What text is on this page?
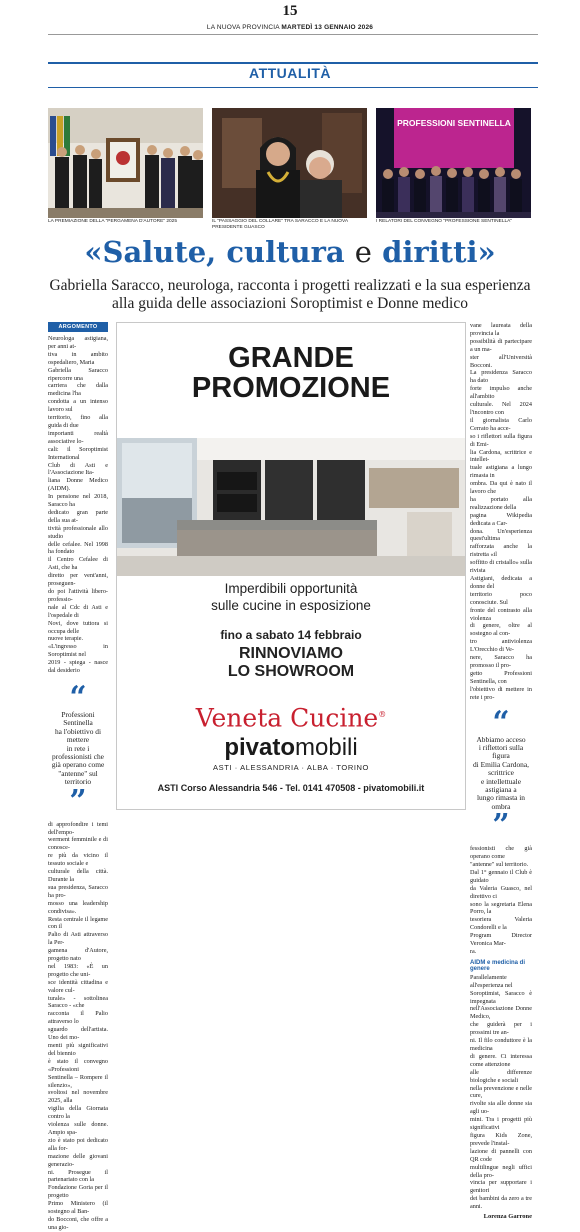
15
LA NUOVA PROVINCIA MARTEDÌ 13 GENNAIO 2026
ATTUALITÀ
LA PREMIAZIONE DELLA "PERGAMENA D'AUTORE" 2025	IL "PASSAGGIO DEL COLLARE" TRA SARACCO E LA NUOVA PRESIDENTE GUASCO
PROFESSIONI SENTINELLA
I RELATORI DEL CONVEGNO "PROFESSIONE SENTINELLA"
«Salute, cultura e diritti»
Gabriella Saracco, neurologa, racconta i progetti realizzati e la sua esperienza
alla guida delle associazioni Soroptimist e Donne medico
ARGOMENTO
Neurologa astigiana, per anni at-
tiva in ambito ospedaliero, Maria
Gabriella Saracco ripercorre una
carriera che dalla medicina l'ha
condotta a un intenso lavoro sul
territorio, fino alla guida di due
importanti realtà associative lo-
cali: il Soroptimist International
Club di Asti e l'Associazione Ita-
liana Donne Medico (AIDM).
In pensione nel 2018, Saracco ha
dedicato gran parte della sua at-
tività professionale allo studio
delle cefalee. Nel 1998 ha fondato
il Centro Cefalee di Asti, che ha
diretto per vent'anni, proseguen-
do poi l'attività libero-professio-
nale al Cdc di Asti e l'ospedale di
Novi, dove tuttora si occupa delle
nuove terapie.
«L'ingresso in Soroptimist nel
2019 - spiega - nasce dal desiderio
“
Professioni Sentinella
ha l'obiettivo di mettere
in rete i professionisti che
già operano come
"antenne" sul territorio
”
di approfondire i temi dell'empo-
werment femminile e di conosce-
re più da vicino il tessuto sociale e
culturale della città. Durante la
sua presidenza, Saracco ha pro-
mosso una leadership condivisa».
Resta centrale il legame con il
Palio di Asti attraverso la Per-
gamena d'Autore, progetto nato
nel 1983: «È un progetto che uni-
sce identità cittadina e valore cul-
turale» - sottolinea Saracco - «che
racconta il Palio attraverso lo
sguardo dell'artista. Uno dei mo-
menti più significativi del biennio
è stato il convegno «Professioni
Sentinella – Rompere il silenzio»,
svoltosi nel novembre 2025, alla
vigilia della Giornata contro la
violenza sulle donne. Ampio spa-
zio è stato poi dedicato alla for-
mazione delle giovani generazio-
ni. Prosegue il partenariato con la
Fondazione Goria per il progetto
Primo Ministero (il sostegno al Ban-
do Bocconi, che offre a una gio-
GRANDE
PROMOZIONE
Imperdibili opportunità
sulle cucine in esposizione
fino a sabato 14 febbraio
RINNOVIAMO
LO SHOWROOM
Veneta Cucine®
pivatomobili
ASTI · ALESSANDRIA · ALBA · TORINO
ASTI Corso Alessandria 546 - Tel. 0141 470508 - pivatomobili.it
vane laureata della provincia la
possibilità di partecipare a un ma-
ster all'Università Bocconi.
La presidenza Saracco ha dato
forte impulso anche all'ambito
culturale. Nel 2024 l'incontro con
il giornalista Carlo Cerrato ha acce-
so i riflettori sulla figura di Emi-
lia Cardona, scrittrice e intellet-
tuale astigiana a lungo rimasta in
ombra. Da qui è nato il lavoro che
ha portato alla realizzazione della
pagina Wikipedia dedicata a Car-
dona. Un'esperienza quest'ultima
rafforzata anche la ristretta «il
soffitto di cristallo» sulla rivista
Astigiani, dedicata a donne del
territorio poco conosciute. Sul
fronte del contrasto alla violenza
di genere, oltre al sostegno al con-
tro antiviolenza L'Orecchio di Ve-
nere, Saracco ha promosso il pro-
getto Professioni Sentinella, con
l'obiettivo di mettere in rete i pro-
“
Abbiamo acceso
i riflettori sulla figura
di Emilia Cardona, scrittrice
e intellettuale astigiana a
lungo rimasta in ombra
”
fessionisti che già operano come
"antenne" sul territorio.
Dal 1° gennaio il Club è guidato
da Valeria Guasco, nel direttivo ci
sono la segretaria Elena Porro, la
tesoriera Valeria Condorelli e la
Program Director Veronica Mar-
ra.
AIDM e medicina di genere
Parallelamente all'esperienza nel
Soroptimist, Saracco è impegnata
nell'Associazione Donne Medico,
che guiderà per i prossimi tre an-
ni. Il filo conduttore è la medicina
di genere. Ci interessa come attenzione
alle differenze biologiche e sociali
nella prevenzione e nelle cure,
rivolte sia alle donne sia agli uo-
mini. Tra i progetti più significativi
figura Kids Zone, prevede l'instal-
lazione di pannelli con QR code
multilingue negli uffici della pro-
vincia per supportare i genitori
dei bambini da zero a tre anni.
Lorenza Garrone
